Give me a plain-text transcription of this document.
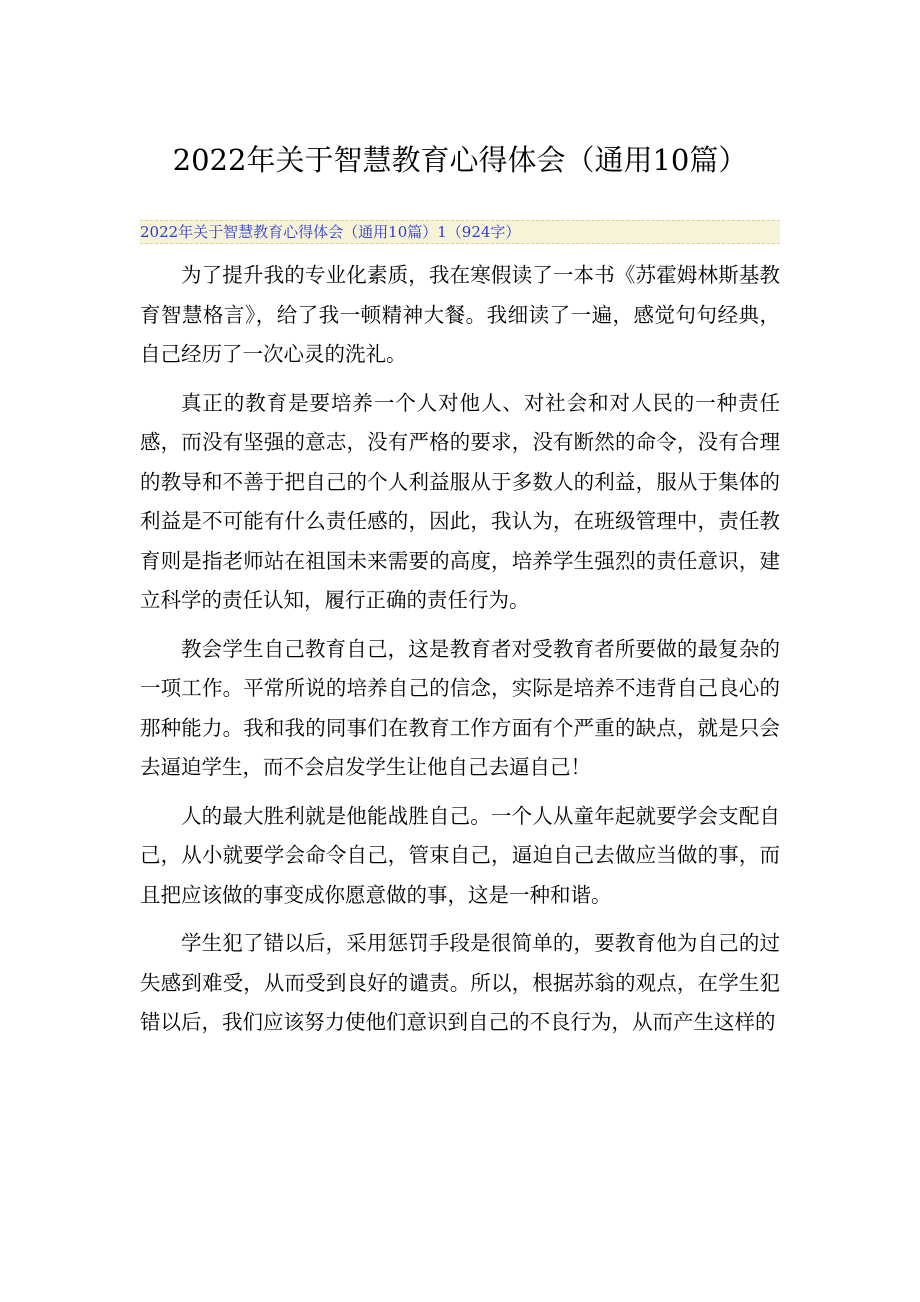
2022年关于智慧教育心得体会（通用10篇）
2022年关于智慧教育心得体会（通用10篇）1（924字）

为了提升我的专业化素质，我在寒假读了一本书《苏霍姆林斯基教育智慧格言》，给了我一顿精神大餐。我细读了一遍，感觉句句经典，自己经历了一次心灵的洗礼。

真正的教育是要培养一个人对他人、对社会和对人民的一种责任感，而没有坚强的意志，没有严格的要求，没有断然的命令，没有合理的教导和不善于把自己的个人利益服从于多数人的利益，服从于集体的利益是不可能有什么责任感的，因此，我认为，在班级管理中，责任教育则是指老师站在祖国未来需要的高度，培养学生强烈的责任意识，建立科学的责任认知，履行正确的责任行为。

教会学生自己教育自己，这是教育者对受教育者所要做的最复杂的一项工作。平常所说的培养自己的信念，实际是培养不违背自己良心的那种能力。我和我的同事们在教育工作方面有个严重的缺点，就是只会去逼迫学生，而不会启发学生让他自己去逼自己！

人的最大胜利就是他能战胜自己。一个人从童年起就要学会支配自己，从小就要学会命令自己，管束自己，逼迫自己去做应当做的事，而且把应该做的事变成你愿意做的事，这是一种和谐。

学生犯了错以后，采用惩罚手段是很简单的，要教育他为自己的过失感到难受，从而受到良好的谴责。所以，根据苏翁的观点，在学生犯错以后，我们应该努力使他们意识到自己的不良行为，从而产生这样的
